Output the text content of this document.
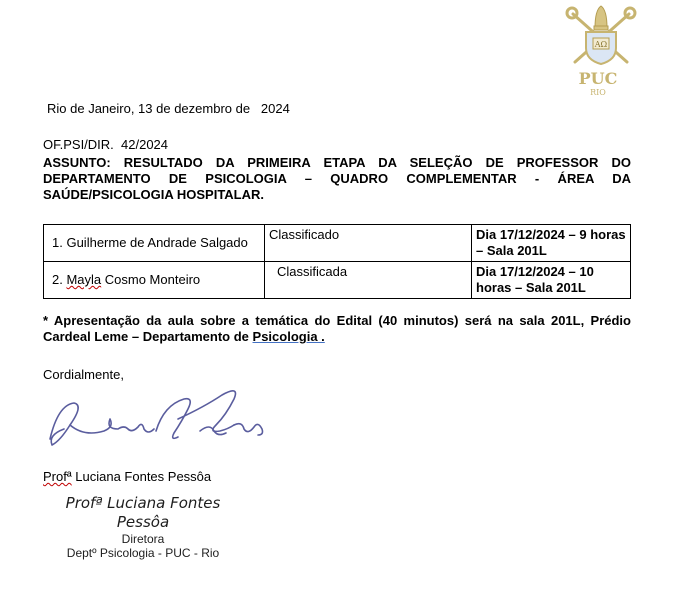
AΩ
PUC
RIO
Rio de Janeiro, 13 de dezembro de   2024
OF.PSI/DIR.  42/2024
ASSUNTO: RESULTADO DA PRIMEIRA ETAPA DA SELEÇÃO DE PROFESSOR DO DEPARTAMENTO DE PSICOLOGIA – QUADRO COMPLEMENTAR - ÁREA DA SAÚDE/PSICOLOGIA HOSPITALAR.
1. Guilherme de Andrade Salgado	Classificado	Dia 17/12/2024 – 9 horas – Sala 201L
2. Mayla Cosmo Monteiro	Classificada	Dia 17/12/2024 – 10 horas – Sala 201L
* Apresentação da aula sobre a temática do Edital (40 minutos) será na sala 201L, Prédio Cardeal Leme – Departamento de Psicologia .
Cordialmente,
Profª Luciana Fontes Pessôa
Profª Luciana Fontes Pessôa
Diretora
Deptº Psicologia - PUC - Rio
